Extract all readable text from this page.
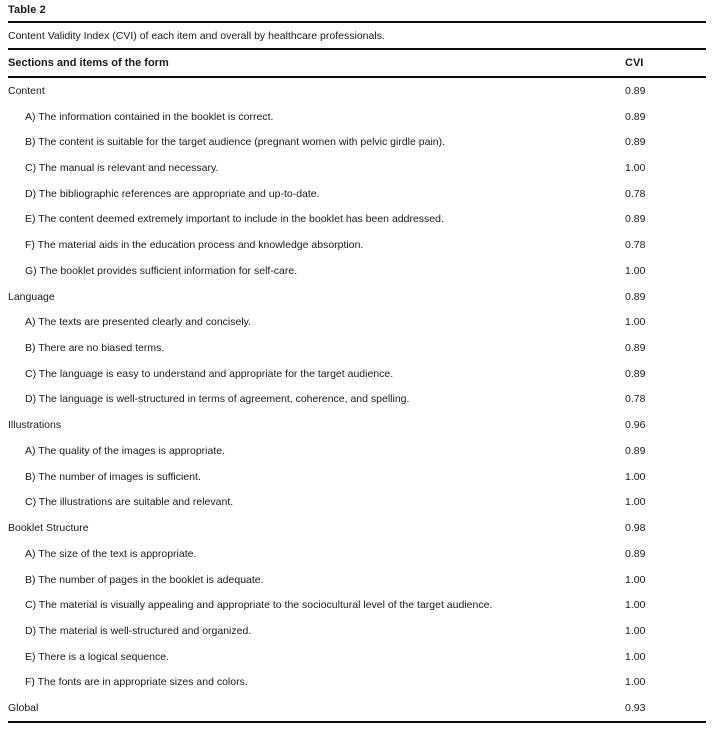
Table 2
Content Validity Index (CVI) of each item and overall by healthcare professionals.
Sections and items of the form	CVI
Content	0.89
A) The information contained in the booklet is correct.	0.89
B) The content is suitable for the target audience (pregnant women with pelvic girdle pain).	0.89
C) The manual is relevant and necessary.	1.00
D) The bibliographic references are appropriate and up-to-date.	0.78
E) The content deemed extremely important to include in the booklet has been addressed.	0.89
F) The material aids in the education process and knowledge absorption.	0.78
G) The booklet provides sufficient information for self-care.	1.00
Language	0.89
A) The texts are presented clearly and concisely.	1.00
B) There are no biased terms.	0.89
C) The language is easy to understand and appropriate for the target audience.	0.89
D) The language is well-structured in terms of agreement, coherence, and spelling.	0.78
Illustrations	0.96
A) The quality of the images is appropriate.	0.89
B) The number of images is sufficient.	1.00
C) The illustrations are suitable and relevant.	1.00
Booklet Structure	0.98
A) The size of the text is appropriate.	0.89
B) The number of pages in the booklet is adequate.	1.00
C) The material is visually appealing and appropriate to the sociocultural level of the target audience.	1.00
D) The material is well-structured and organized.	1.00
E) There is a logical sequence.	1.00
F) The fonts are in appropriate sizes and colors.	1.00
Global	0.93
